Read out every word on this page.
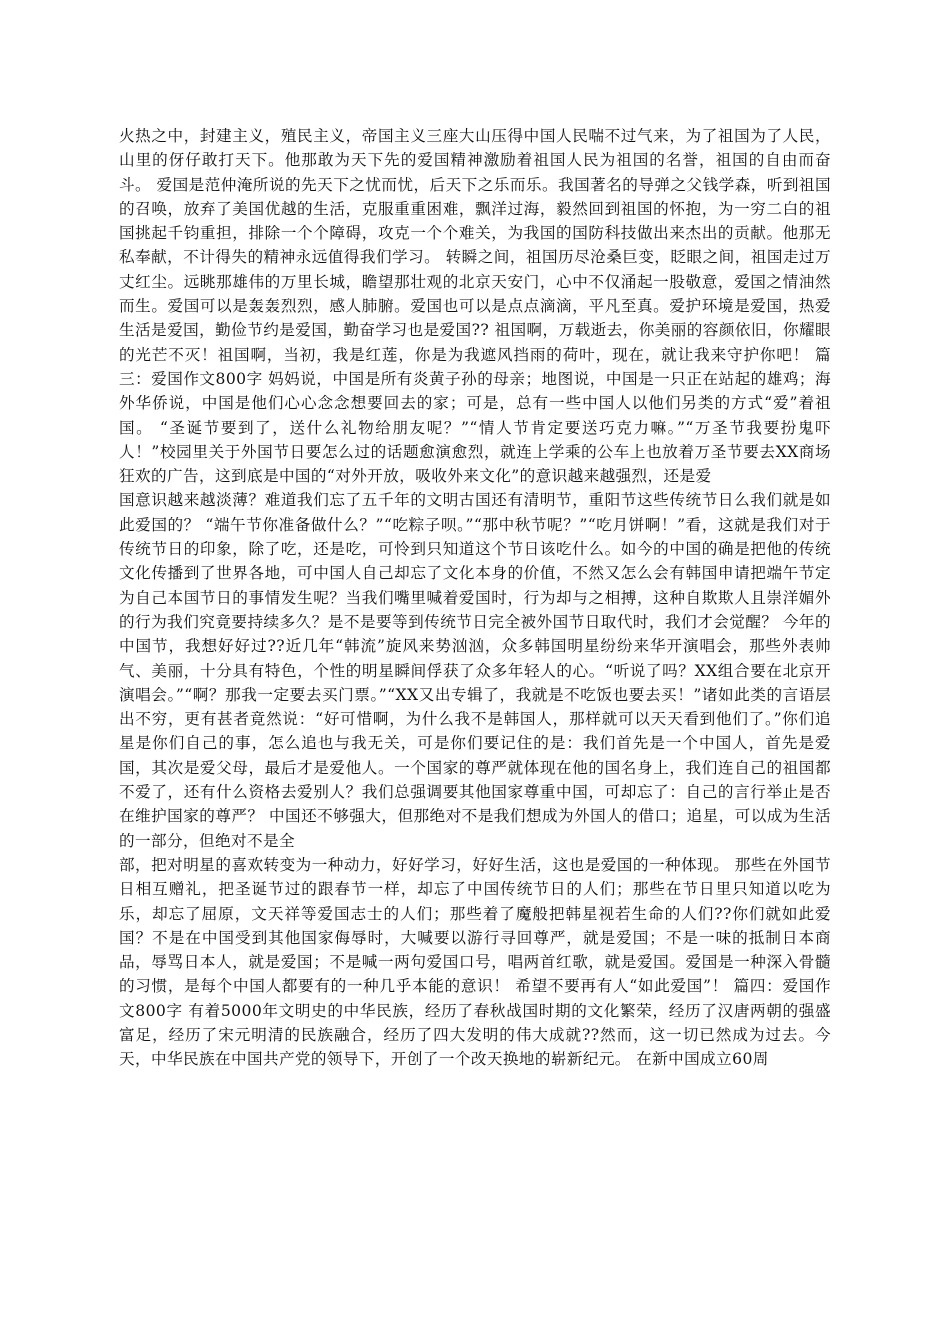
火热之中，封建主义，殖民主义，帝国主义三座大山压得中国人民喘不过气来，为了祖国为了人民，山里的伢仔敢打天下。他那敢为天下先的爱国精神激励着祖国人民为祖国的名誉，祖国的自由而奋斗。 爱国是范仲淹所说的先天下之忧而忧，后天下之乐而乐。我国著名的导弹之父钱学森，听到祖国的召唤，放弃了美国优越的生活，克服重重困难，飘洋过海，毅然回到祖国的怀抱，为一穷二白的祖国挑起千钧重担，排除一个个障碍，攻克一个个难关，为我国的国防科技做出来杰出的贡献。他那无私奉献，不计得失的精神永远值得我们学习。 转瞬之间，祖国历尽沧桑巨变，眨眼之间，祖国走过万丈红尘。远眺那雄伟的万里长城，瞻望那壮观的北京天安门，心中不仅涌起一股敬意，爱国之情油然而生。爱国可以是轰轰烈烈，感人肺腑。爱国也可以是点点滴滴，平凡至真。爱护环境是爱国，热爱生活是爱国，勤俭节约是爱国，勤奋学习也是爱国?? 祖国啊，万载逝去，你美丽的容颜依旧，你耀眼的光芒不灭！祖国啊，当初，我是红莲，你是为我遮风挡雨的荷叶，现在，就让我来守护你吧！ 篇三：爱国作文800字 妈妈说，中国是所有炎黄子孙的母亲；地图说，中国是一只正在站起的雄鸡；海外华侨说，中国是他们心心念念想要回去的家；可是，总有一些中国人以他们另类的方式“爱”着祖国。 “圣诞节要到了，送什么礼物给朋友呢？”“情人节肯定要送巧克力嘛。”“万圣节我要扮鬼吓人！”校园里关于外国节日要怎么过的话题愈演愈烈，就连上学乘的公车上也放着万圣节要去XX商场狂欢的广告，这到底是中国的“对外开放，吸收外来文化”的意识越来越强烈，还是爱

国意识越来越淡薄？难道我们忘了五千年的文明古国还有清明节，重阳节这些传统节日么我们就是如此爱国的？ “端午节你准备做什么？”“吃粽子呗。”“那中秋节呢？”“吃月饼啊！”看，这就是我们对于传统节日的印象，除了吃，还是吃，可怜到只知道这个节日该吃什么。如今的中国的确是把他的传统文化传播到了世界各地，可中国人自己却忘了文化本身的价值，不然又怎么会有韩国申请把端午节定为自己本国节日的事情发生呢？当我们嘴里喊着爱国时，行为却与之相搏，这种自欺欺人且崇洋媚外的行为我们究竟要持续多久？是不是要等到传统节日完全被外国节日取代时，我们才会觉醒？ 今年的中国节，我想好好过??近几年“韩流”旋风来势汹汹，众多韩国明星纷纷来华开演唱会，那些外表帅气、美丽，十分具有特色，个性的明星瞬间俘获了众多年轻人的心。“听说了吗？XX组合要在北京开演唱会。”“啊？那我一定要去买门票。”“XX又出专辑了，我就是不吃饭也要去买！”诸如此类的言语层出不穷，更有甚者竟然说：“好可惜啊，为什么我不是韩国人，那样就可以天天看到他们了。”你们追星是你们自己的事，怎么追也与我无关，可是你们要记住的是：我们首先是一个中国人，首先是爱国，其次是爱父母，最后才是爱他人。一个国家的尊严就体现在他的国名身上，我们连自己的祖国都不爱了，还有什么资格去爱别人？我们总强调要其他国家尊重中国，可却忘了：自己的言行举止是否在维护国家的尊严？ 中国还不够强大，但那绝对不是我们想成为外国人的借口；追星，可以成为生活的一部分，但绝对不是全

部，把对明星的喜欢转变为一种动力，好好学习，好好生活，这也是爱国的一种体现。 那些在外国节日相互赠礼，把圣诞节过的跟春节一样，却忘了中国传统节日的人们；那些在节日里只知道以吃为乐，却忘了屈原，文天祥等爱国志士的人们；那些着了魔般把韩星视若生命的人们??你们就如此爱国？不是在中国受到其他国家侮辱时，大喊要以游行寻回尊严，就是爱国；不是一味的抵制日本商品，辱骂日本人，就是爱国；不是喊一两句爱国口号，唱两首红歌，就是爱国。爱国是一种深入骨髓的习惯，是每个中国人都要有的一种几乎本能的意识！ 希望不要再有人“如此爱国”！ 篇四：爱国作文800字 有着5000年文明史的中华民族，经历了春秋战国时期的文化繁荣，经历了汉唐两朝的强盛富足，经历了宋元明清的民族融合，经历了四大发明的伟大成就??然而，这一切已然成为过去。今天，中华民族在中国共产党的领导下，开创了一个改天换地的崭新纪元。 在新中国成立60周
